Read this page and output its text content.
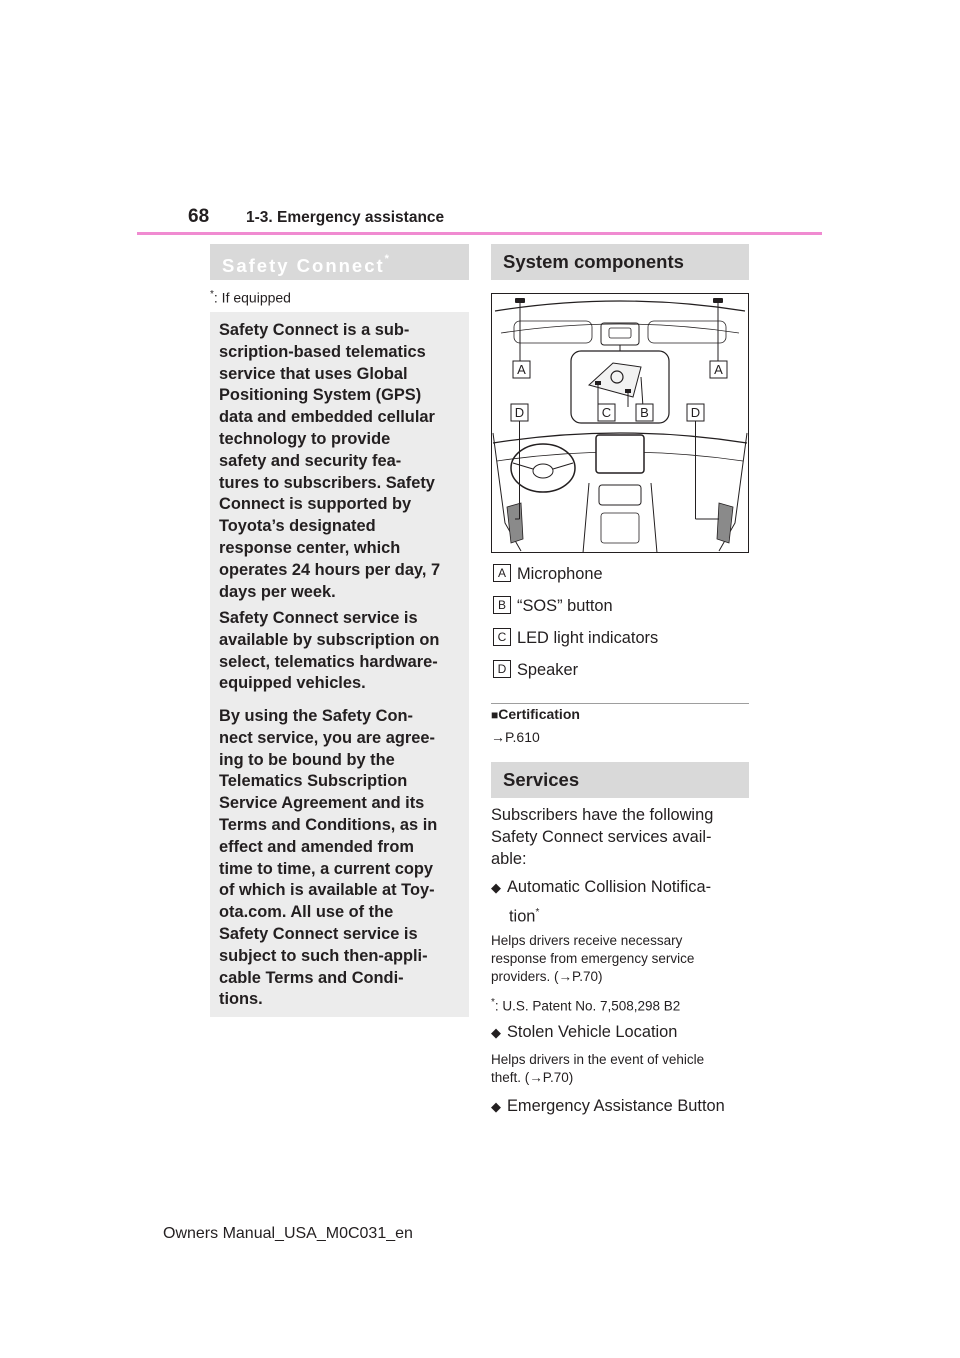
68 1-3. Emergency assistance
Safety Connect*
*: If equipped
Safety Connect is a sub-
scription-based telematics
service that uses Global
Positioning System (GPS)
data and embedded cellular
technology to provide
safety and security fea-
tures to subscribers. Safety
Connect is supported by
Toyota’s designated
response center, which
operates 24 hours per day, 7
days per week.
Safety Connect service is
available by subscription on
select, telematics hardware-
equipped vehicles.
By using the Safety Con-
nect service, you are agree-
ing to be bound by the
Telematics Subscription
Service Agreement and its
Terms and Conditions, as in
effect and amended from
time to time, a current copy
of which is available at Toy-
ota.com. All use of the
Safety Connect service is
subject to such then-appli-
cable Terms and Condi-
tions.
System components
A	A
D	C B	D
A Microphone
B “SOS” button
C LED light indicators
D Speaker
■Certification
→P.610
Services
Subscribers have the following
Safety Connect services avail-
able:
◆ Automatic Collision Notifica-
tion*
Helps drivers receive necessary
response from emergency service
providers. (→P.70)
*: U.S. Patent No. 7,508,298 B2
◆ Stolen Vehicle Location
Helps drivers in the event of vehicle
theft. (→P.70)
◆ Emergency Assistance Button
Owners Manual_USA_M0C031_en
